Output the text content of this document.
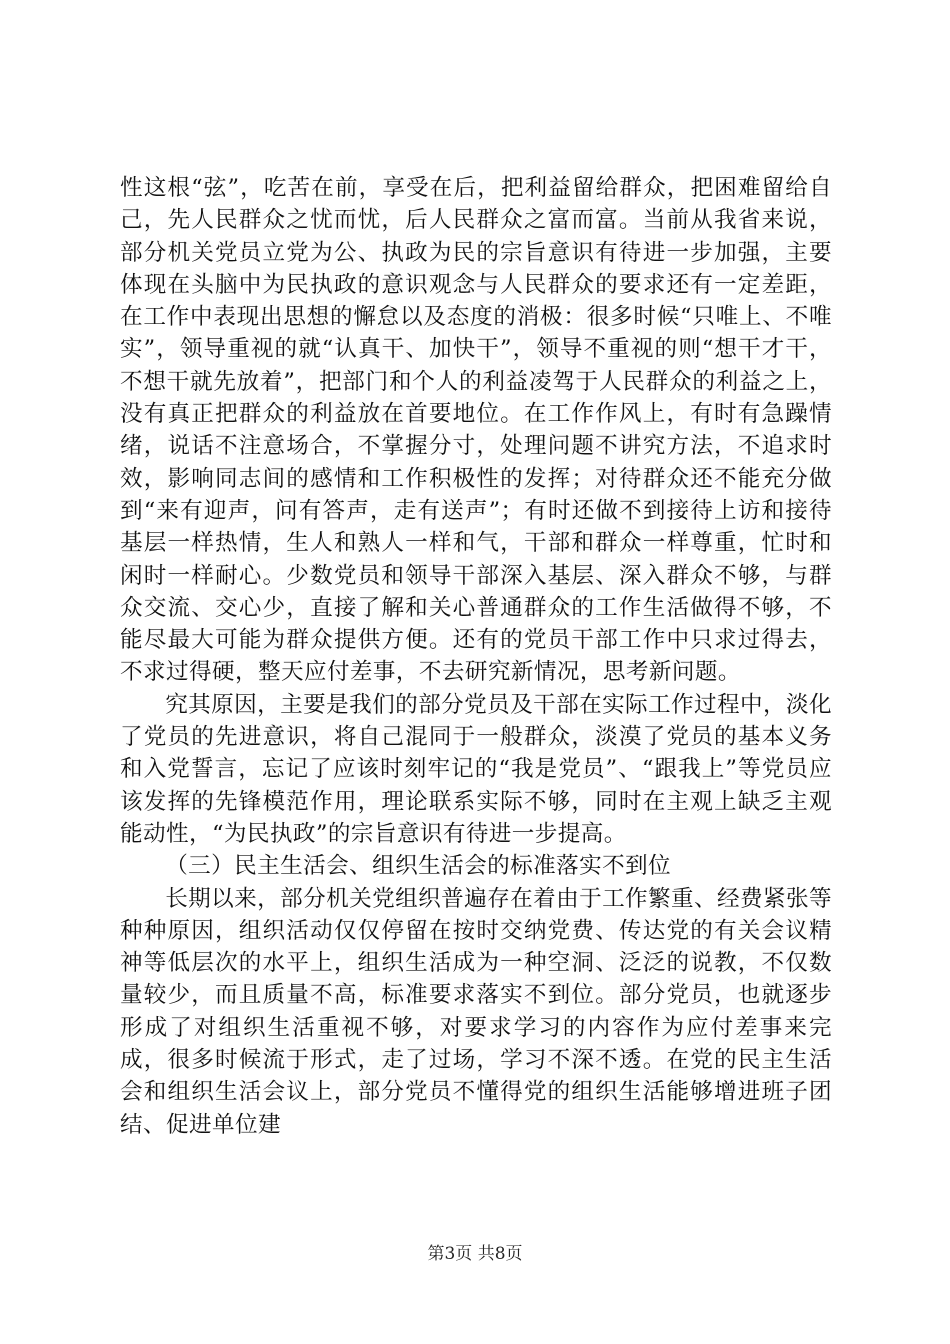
性这根“弦”，吃苦在前，享受在后，把利益留给群众，把困难留给自己，先人民群众之忧而忧，后人民群众之富而富。当前从我省来说，部分机关党员立党为公、执政为民的宗旨意识有待进一步加强，主要体现在头脑中为民执政的意识观念与人民群众的要求还有一定差距，在工作中表现出思想的懈怠以及态度的消极：很多时候“只唯上、不唯实”，领导重视的就“认真干、加快干”，领导不重视的则“想干才干，不想干就先放着”，把部门和个人的利益凌驾于人民群众的利益之上，没有真正把群众的利益放在首要地位。在工作作风上，有时有急躁情绪，说话不注意场合，不掌握分寸，处理问题不讲究方法，不追求时效，影响同志间的感情和工作积极性的发挥；对待群众还不能充分做到“来有迎声，问有答声，走有送声”；有时还做不到接待上访和接待基层一样热情，生人和熟人一样和气，干部和群众一样尊重，忙时和闲时一样耐心。少数党员和领导干部深入基层、深入群众不够，与群众交流、交心少，直接了解和关心普通群众的工作生活做得不够，不能尽最大可能为群众提供方便。还有的党员干部工作中只求过得去，不求过得硬，整天应付差事，不去研究新情况，思考新问题。

究其原因，主要是我们的部分党员及干部在实际工作过程中，淡化了党员的先进意识，将自己混同于一般群众，淡漠了党员的基本义务和入党誓言，忘记了应该时刻牢记的“我是党员”、“跟我上”等党员应该发挥的先锋模范作用，理论联系实际不够，同时在主观上缺乏主观能动性，“为民执政”的宗旨意识有待进一步提高。

（三）民主生活会、组织生活会的标准落实不到位

长期以来，部分机关党组织普遍存在着由于工作繁重、经费紧张等种种原因，组织活动仅仅停留在按时交纳党费、传达党的有关会议精神等低层次的水平上，组织生活成为一种空洞、泛泛的说教，不仅数量较少，而且质量不高，标准要求落实不到位。部分党员，也就逐步形成了对组织生活重视不够，对要求学习的内容作为应付差事来完成，很多时候流于形式，走了过场，学习不深不透。在党的民主生活会和组织生活会议上，部分党员不懂得党的组织生活能够增进班子团结、促进单位建

第3页 共8页
